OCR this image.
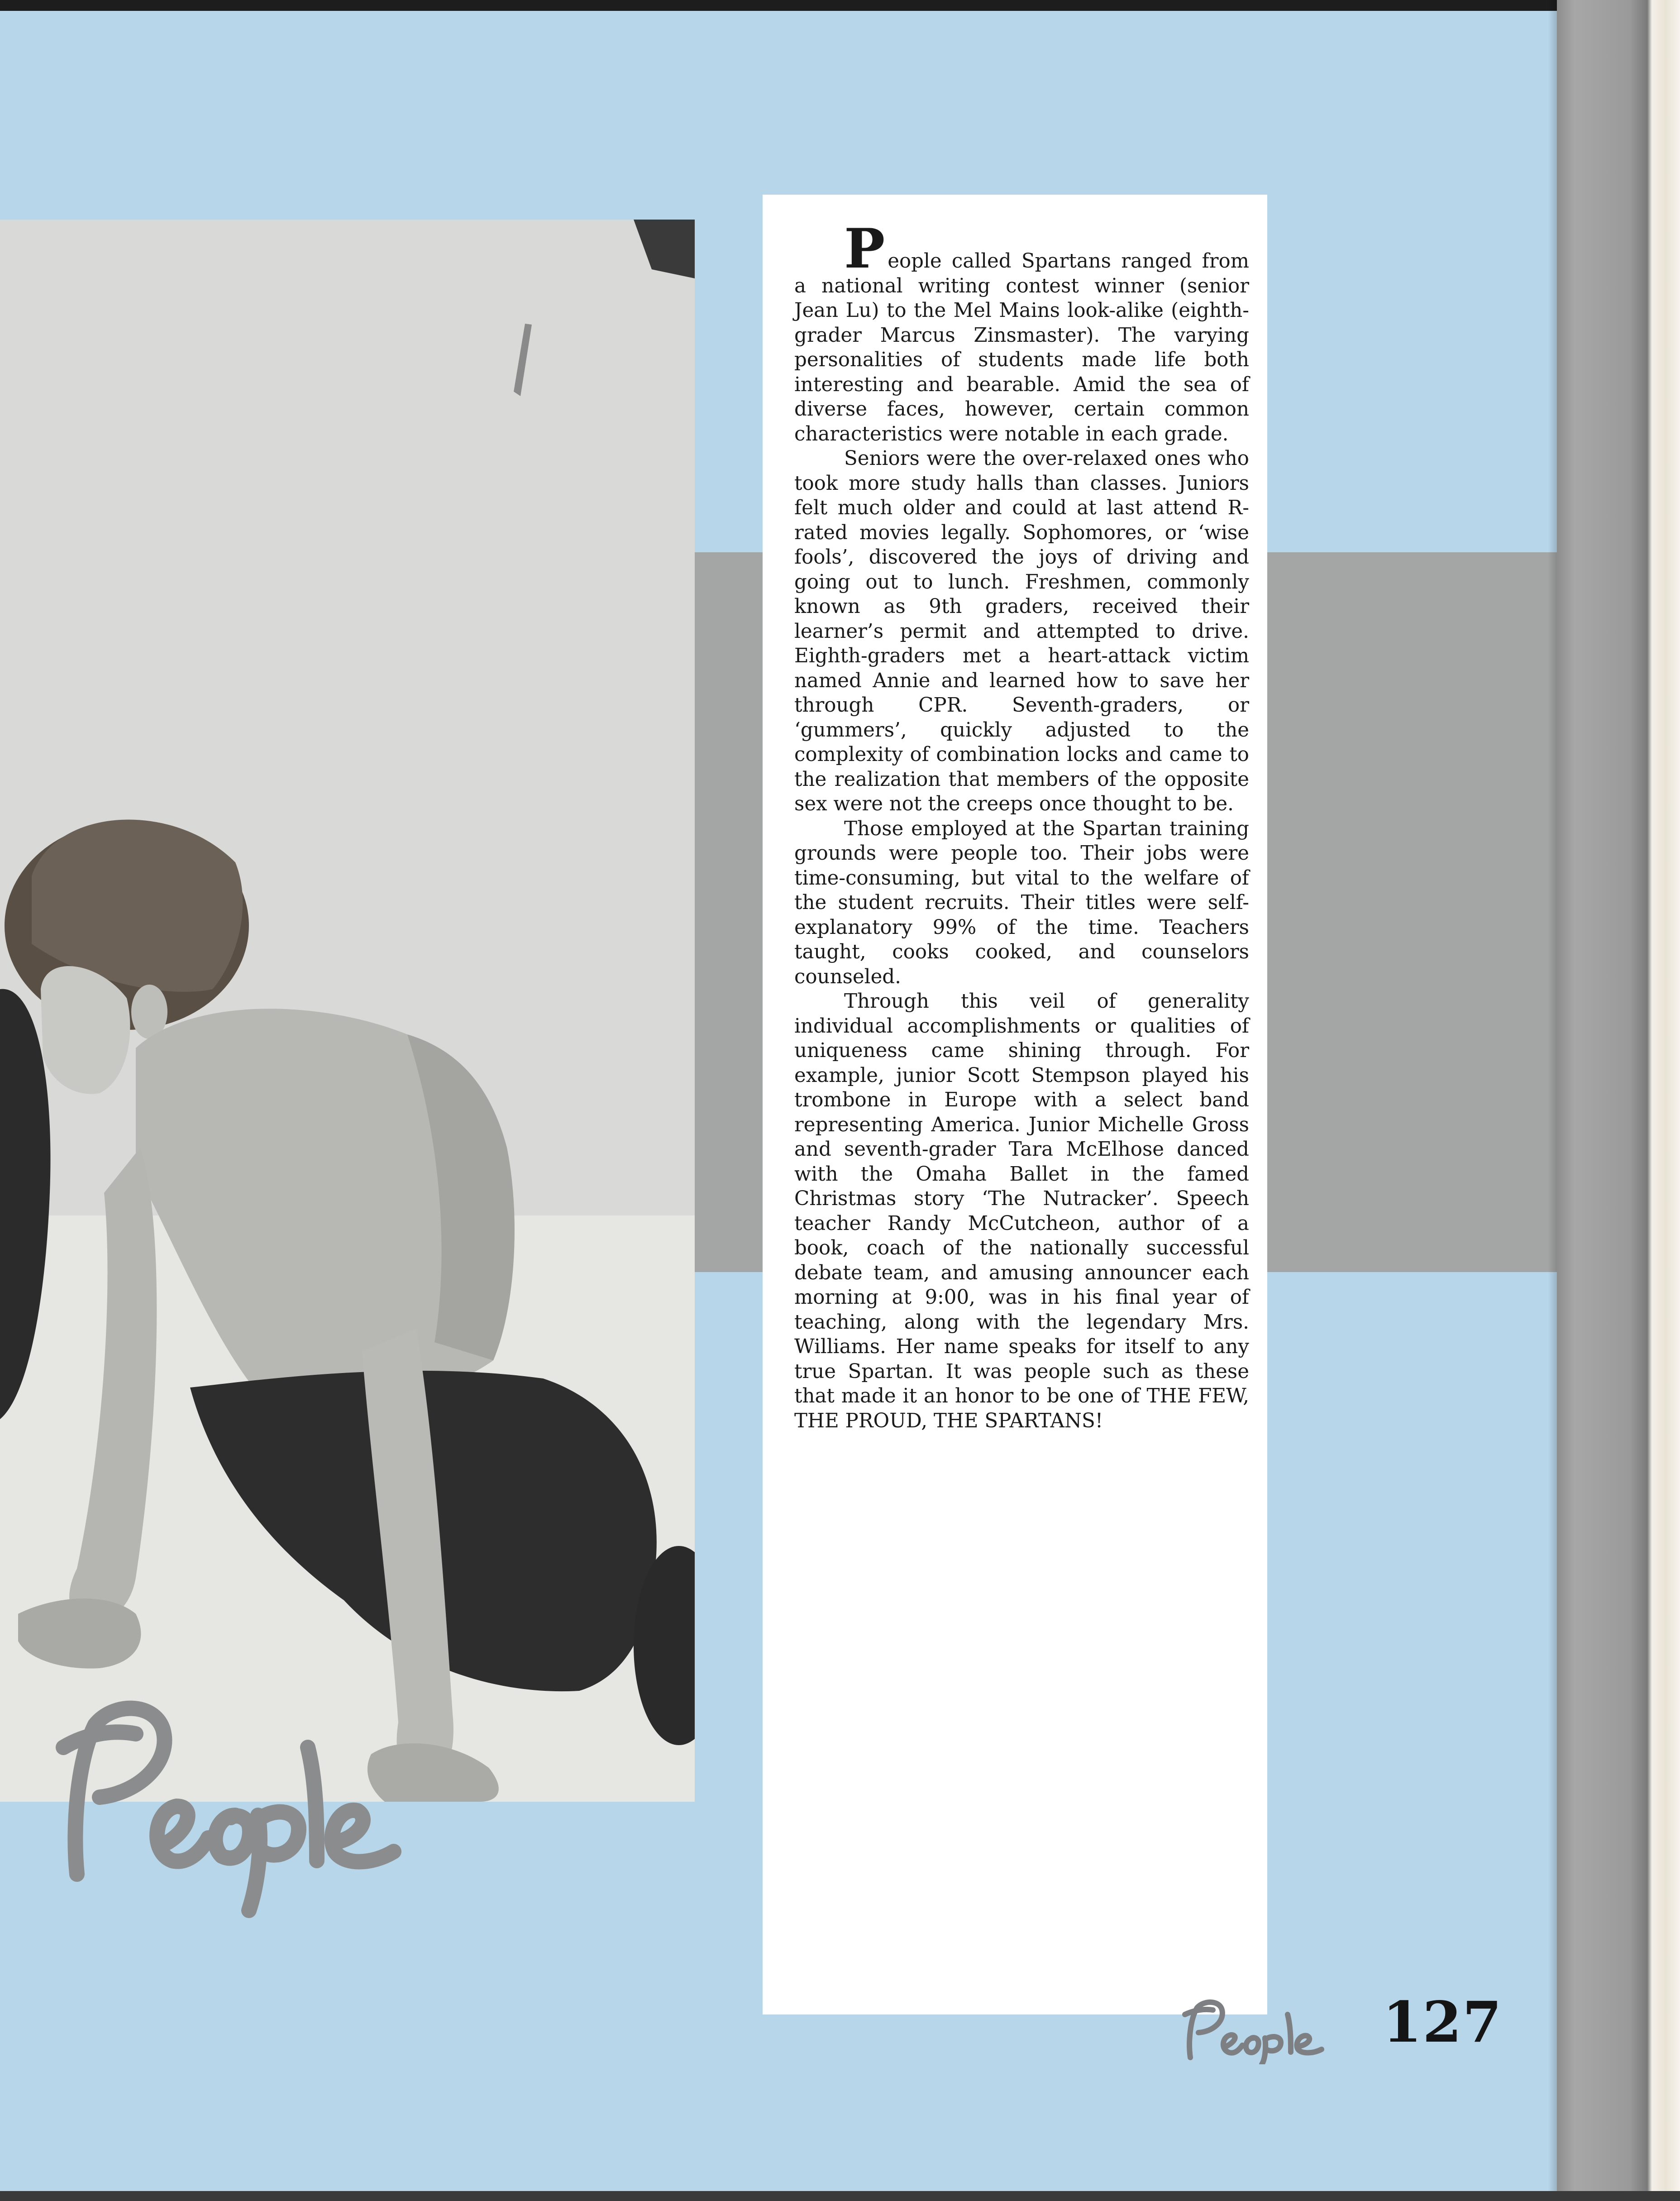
People called Spartans ranged from a national writing contest winner (senior Jean Lu) to the Mel Mains look-alike (eighth-grader Marcus Zinsmaster). The varying personalities of students made life both interesting and bearable. Amid the sea of diverse faces, however, certain common characteristics were notable in each grade.

Seniors were the over-relaxed ones who took more study halls than classes. Juniors felt much older and could at last attend R-rated movies legally. Sophomores, or ‘wise fools’, discovered the joys of driving and going out to lunch. Freshmen, commonly known as 9th graders, received their learner’s permit and attempted to drive. Eighth-graders met a heart-attack victim named Annie and learned how to save her through CPR. Seventh-graders, or ‘gummers’, quickly adjusted to the complexity of combination locks and came to the realization that members of the opposite sex were not the creeps once thought to be.

Those employed at the Spartan training grounds were people too. Their jobs were time-consuming, but vital to the welfare of the student recruits. Their titles were self-explanatory 99% of the time. Teachers taught, cooks cooked, and counselors counseled.

Through this veil of generality individual accomplishments or qualities of uniqueness came shining through. For example, junior Scott Stempson played his trombone in Europe with a select band representing America. Junior Michelle Gross and seventh-grader Tara McElhose danced with the Omaha Ballet in the famed Christmas story ‘The Nutracker’. Speech teacher Randy McCutcheon, author of a book, coach of the nationally successful debate team, and amusing announcer each morning at 9:00, was in his final year of teaching, along with the legendary Mrs. Williams. Her name speaks for itself to any true Spartan. It was people such as these that made it an honor to be one of THE FEW, THE PROUD, THE SPARTANS!

127
